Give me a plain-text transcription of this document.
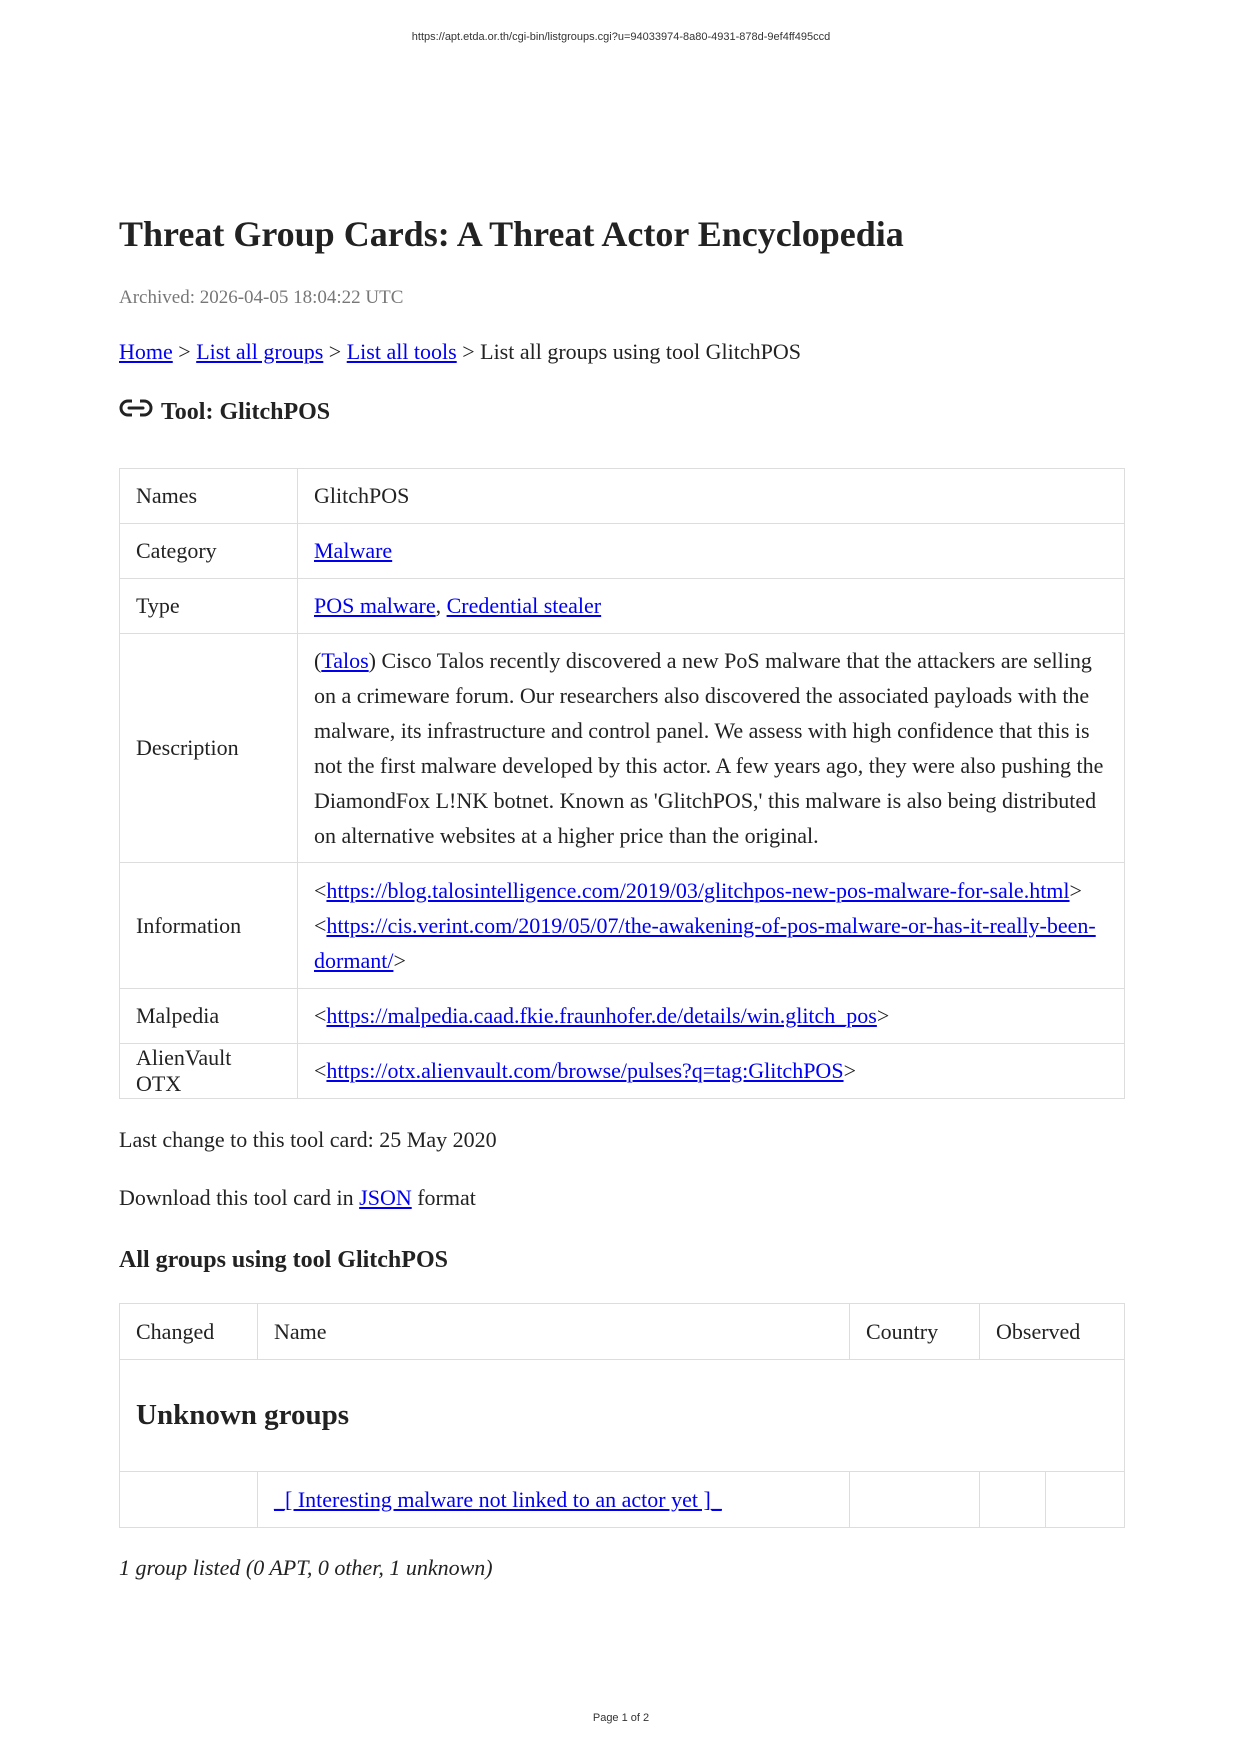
https://apt.etda.or.th/cgi-bin/listgroups.cgi?u=94033974-8a80-4931-878d-9ef4ff495ccd
Threat Group Cards: A Threat Actor Encyclopedia
Archived: 2026-04-05 18:04:22 UTC
Home > List all groups > List all tools > List all groups using tool GlitchPOS
Tool: GlitchPOS
Names	GlitchPOS
Category	Malware
Type	POS malware, Credential stealer
Description	(Talos) Cisco Talos recently discovered a new PoS malware that the attackers are selling on a crimeware forum. Our researchers also discovered the associated payloads with the malware, its infrastructure and control panel. We assess with high confidence that this is not the first malware developed by this actor. A few years ago, they were also pushing the DiamondFox L!NK botnet. Known as 'GlitchPOS,' this malware is also being distributed on alternative websites at a higher price than the original.
Information	<https://blog.talosintelligence.com/2019/03/glitchpos-new-pos-malware-for-sale.html>
<https://cis.verint.com/2019/05/07/the-awakening-of-pos-malware-or-has-it-really-been-dormant/>
Malpedia	<https://malpedia.caad.fkie.fraunhofer.de/details/win.glitch_pos>
AlienVault OTX	<https://otx.alienvault.com/browse/pulses?q=tag:GlitchPOS>
Last change to this tool card: 25 May 2020
Download this tool card in JSON format
All groups using tool GlitchPOS
Changed	Name	Country	Observed	
Unknown groups				
	_[ Interesting malware not linked to an actor yet ]_			
1 group listed (0 APT, 0 other, 1 unknown)
Page 1 of 2
